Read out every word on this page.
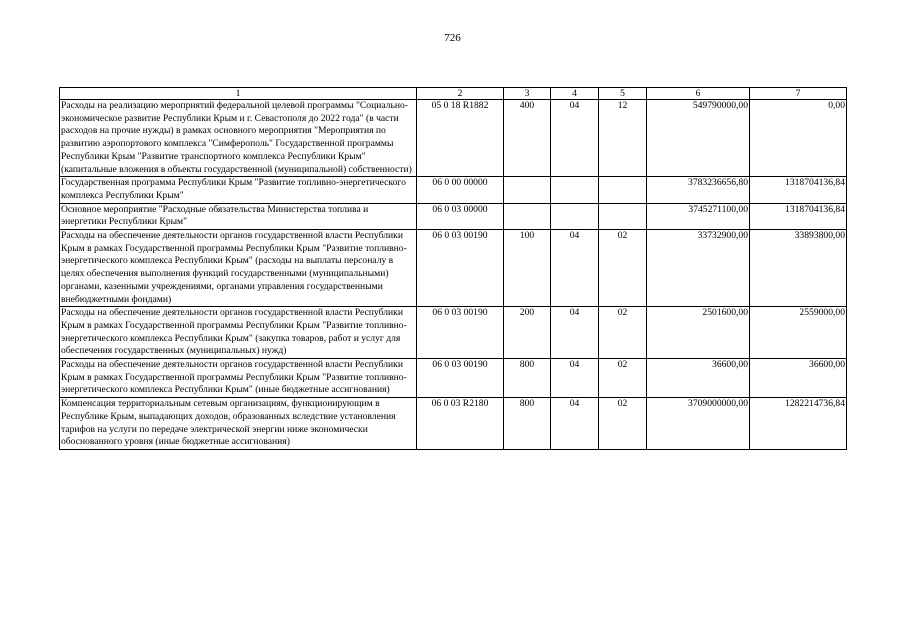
726
1	2	3	4	5	6	7
Расходы на реализацию мероприятий федеральной целевой программы "Социально-экономическое развитие Республики Крым и г. Севастополя до 2022 года" (в части расходов на прочие нужды) в рамках основного мероприятия "Мероприятия по развитию аэропортового комплекса "Симферополь" Государственной программы Республики Крым "Развитие транспортного комплекса Республики Крым" (капитальные вложения в объекты государственной (муниципальной) собственности)	05 0 18 R1882	400	04	12	549790000,00	0,00
Государственная программа Республики Крым "Развитие топливно-энергетического комплекса Республики Крым"	06 0 00 00000				3783236656,80	1318704136,84
Основное мероприятие "Расходные обязательства Министерства топлива и энергетики Республики Крым"	06 0 03 00000				3745271100,00	1318704136,84
Расходы на обеспечение деятельности органов государственной власти Республики Крым в рамках Государственной программы Республики Крым "Развитие топливно-энергетического комплекса Республики Крым" (расходы на выплаты персоналу в целях обеспечения выполнения функций государственными (муниципальными) органами, казенными учреждениями, органами управления государственными внебюджетными фондами)	06 0 03 00190	100	04	02	33732900,00	33893800,00
Расходы на обеспечение деятельности органов государственной власти Республики Крым в рамках Государственной программы Республики Крым "Развитие топливно-энергетического комплекса Республики Крым" (закупка товаров, работ и услуг для обеспечения государственных (муниципальных) нужд)	06 0 03 00190	200	04	02	2501600,00	2559000,00
Расходы на обеспечение деятельности органов государственной власти Республики Крым в рамках Государственной программы Республики Крым "Развитие топливно-энергетического комплекса Республики Крым" (иные бюджетные ассигнования)	06 0 03 00190	800	04	02	36600,00	36600,00
Компенсация территориальным сетевым организациям, функционирующим в Республике Крым, выпадающих доходов, образованных вследствие установления тарифов на услуги по передаче электрической энергии ниже экономически обоснованного уровня (иные бюджетные ассигнования)	06 0 03 R2180	800	04	02	3709000000,00	1282214736,84
